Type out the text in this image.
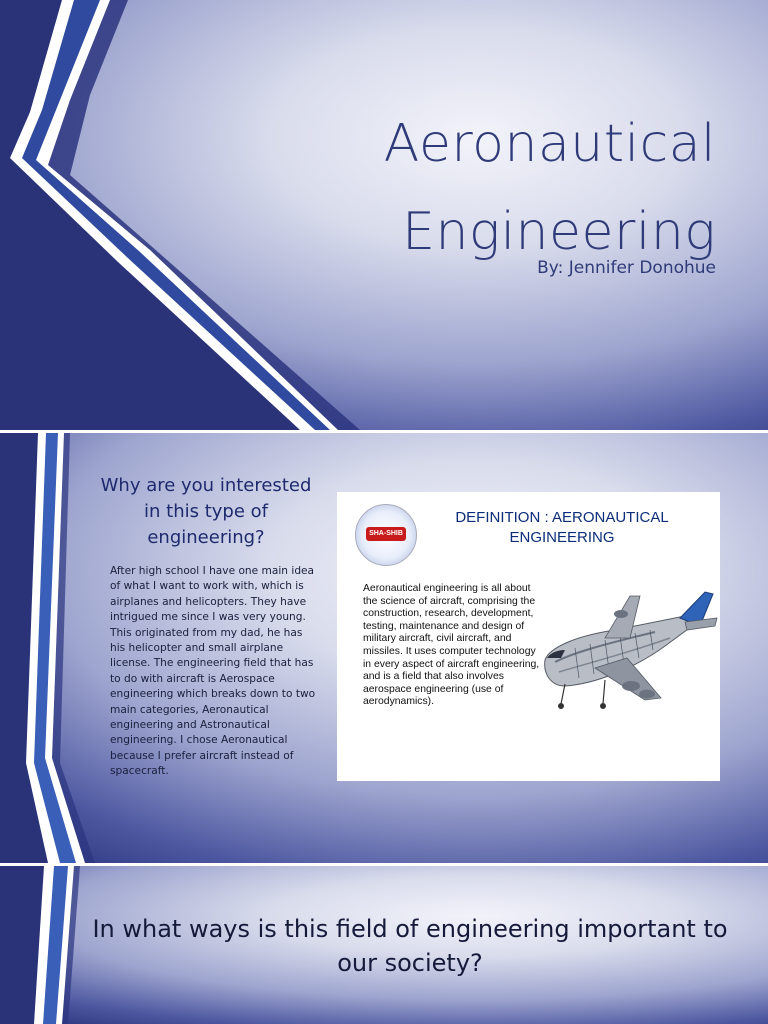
Aeronautical
Engineering
By: Jennifer Donohue
Why are you interested in this type of engineering?
After high school I have one main idea of what I want to work with, which is airplanes and helicopters. They have intrigued me since I was very young. This originated from my dad, he has his helicopter and small airplane license. The engineering field that has to do with aircraft is Aerospace engineering which breaks down to two main categories, Aeronautical engineering and Astronautical engineering. I chose Aeronautical because I prefer aircraft instead of spacecraft.
SHA-SHIB
DEFINITION : AERONAUTICAL
ENGINEERING
Aeronautical engineering is all about the science of aircraft, comprising the construction, research, development, testing, maintenance and design of military aircraft, civil aircraft, and missiles. It uses computer technology in every aspect of aircraft engineering, and is a field that also involves aerospace engineering (use of aerodynamics).
In what ways is this field of engineering important to our society?
